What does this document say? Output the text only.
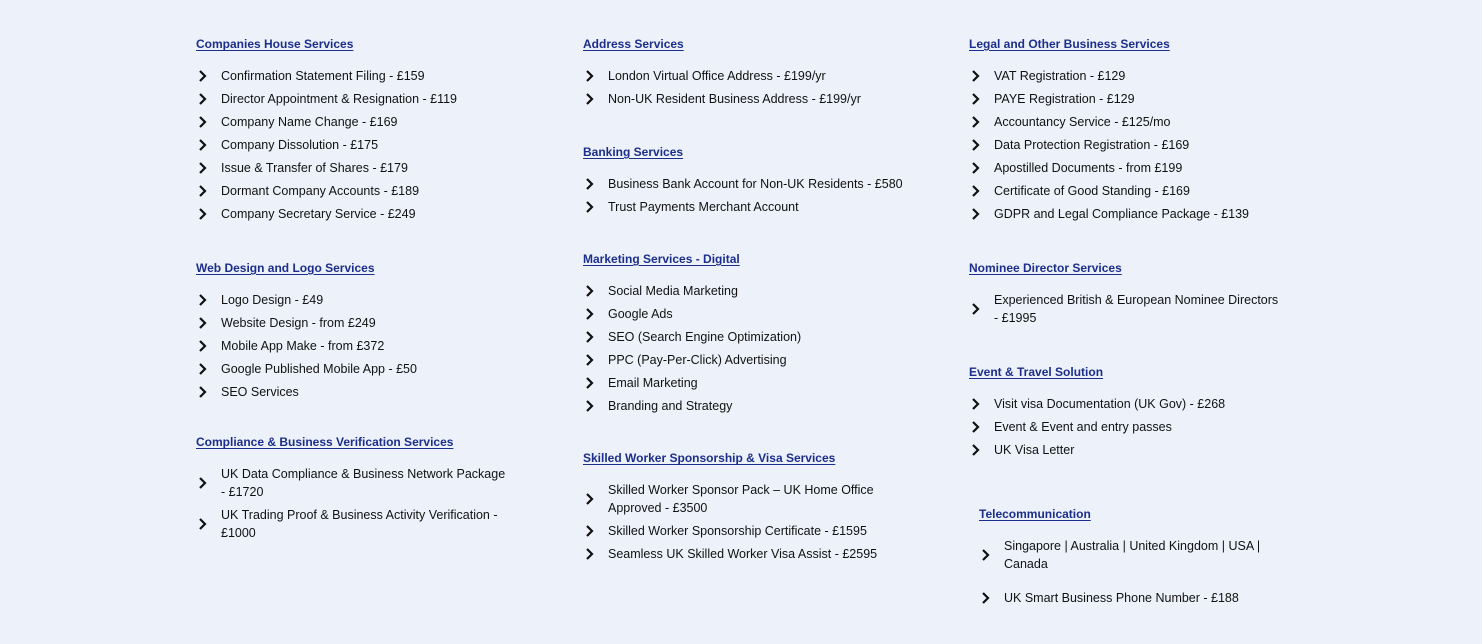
Companies House Services
Confirmation Statement Filing - £159
Director Appointment & Resignation - £119
Company Name Change - £169
Company Dissolution - £175
Issue & Transfer of Shares - £179
Dormant Company Accounts - £189
Company Secretary Service - £249
Web Design and Logo Services
Logo Design - £49
Website Design - from £249
Mobile App Make - from £372
Google Published Mobile App - £50
SEO Services
Compliance & Business Verification Services
UK Data Compliance & Business Network Package - £1720
UK Trading Proof & Business Activity Verification - £1000
Address Services
London Virtual Office Address - £199/yr
Non-UK Resident Business Address - £199/yr
Banking Services
Business Bank Account for Non-UK Residents - £580
Trust Payments Merchant Account
Marketing Services - Digital
Social Media Marketing
Google Ads
SEO (Search Engine Optimization)
PPC (Pay-Per-Click) Advertising
Email Marketing
Branding and Strategy
Skilled Worker Sponsorship & Visa Services
Skilled Worker Sponsor Pack – UK Home Office Approved - £3500
Skilled Worker Sponsorship Certificate - £1595
Seamless UK Skilled Worker Visa Assist - £2595
Legal and Other Business Services
VAT Registration - £129
PAYE Registration - £129
Accountancy Service - £125/mo
Data Protection Registration - £169
Apostilled Documents - from £199
Certificate of Good Standing - £169
GDPR and Legal Compliance Package - £139
Nominee Director Services
Experienced British & European Nominee Directors - £1995
Event & Travel Solution
Visit visa Documentation (UK Gov) - £268
Event & Event and entry passes
UK Visa Letter
Telecommunication
Singapore | Australia | United Kingdom | USA | Canada
UK Smart Business Phone Number - £188
